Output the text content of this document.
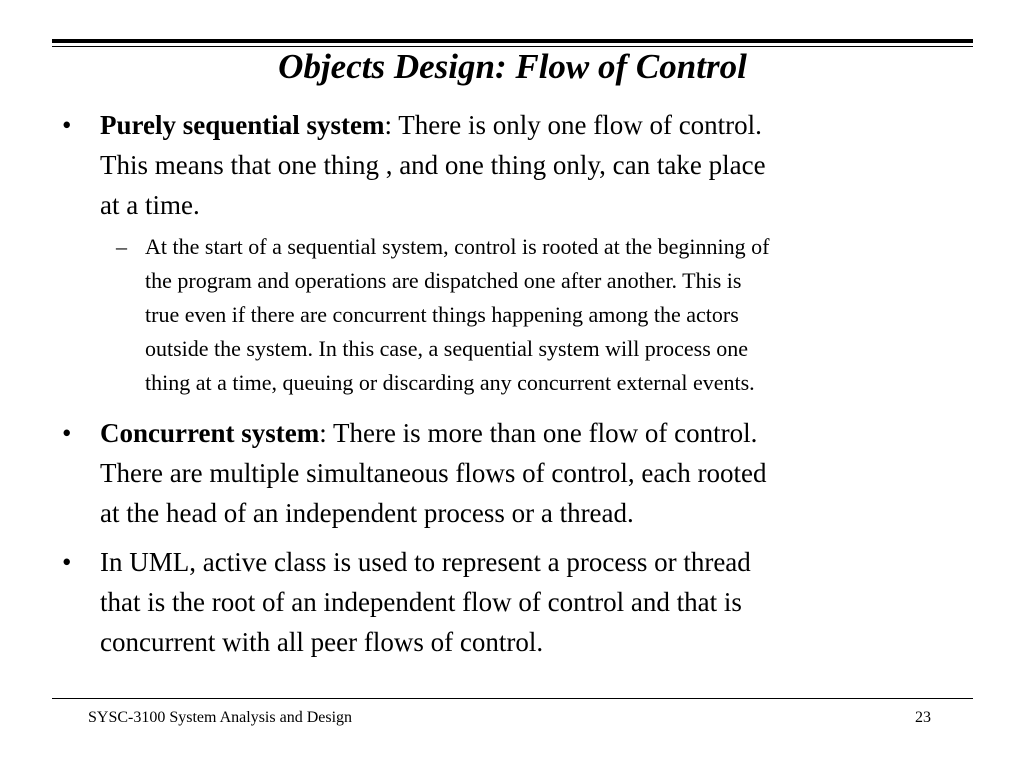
Objects Design: Flow of Control
• Purely sequential system: There is only one flow of control.
This means that one thing , and one thing only, can take place
at a time.
– At the start of a sequential system, control is rooted at the beginning of
the program and operations are dispatched one after another. This is
true even if there are concurrent things happening among the actors
outside the system. In this case, a sequential system will process one
thing at a time, queuing or discarding any concurrent external events.
• Concurrent system: There is more than one flow of control.
There are multiple simultaneous flows of control, each rooted
at the head of an independent process or a thread.
• In UML, active class is used to represent a process or thread
that is the root of an independent flow of control and that is
concurrent with all peer flows of control.
SYSC-3100 System Analysis and Design	23
